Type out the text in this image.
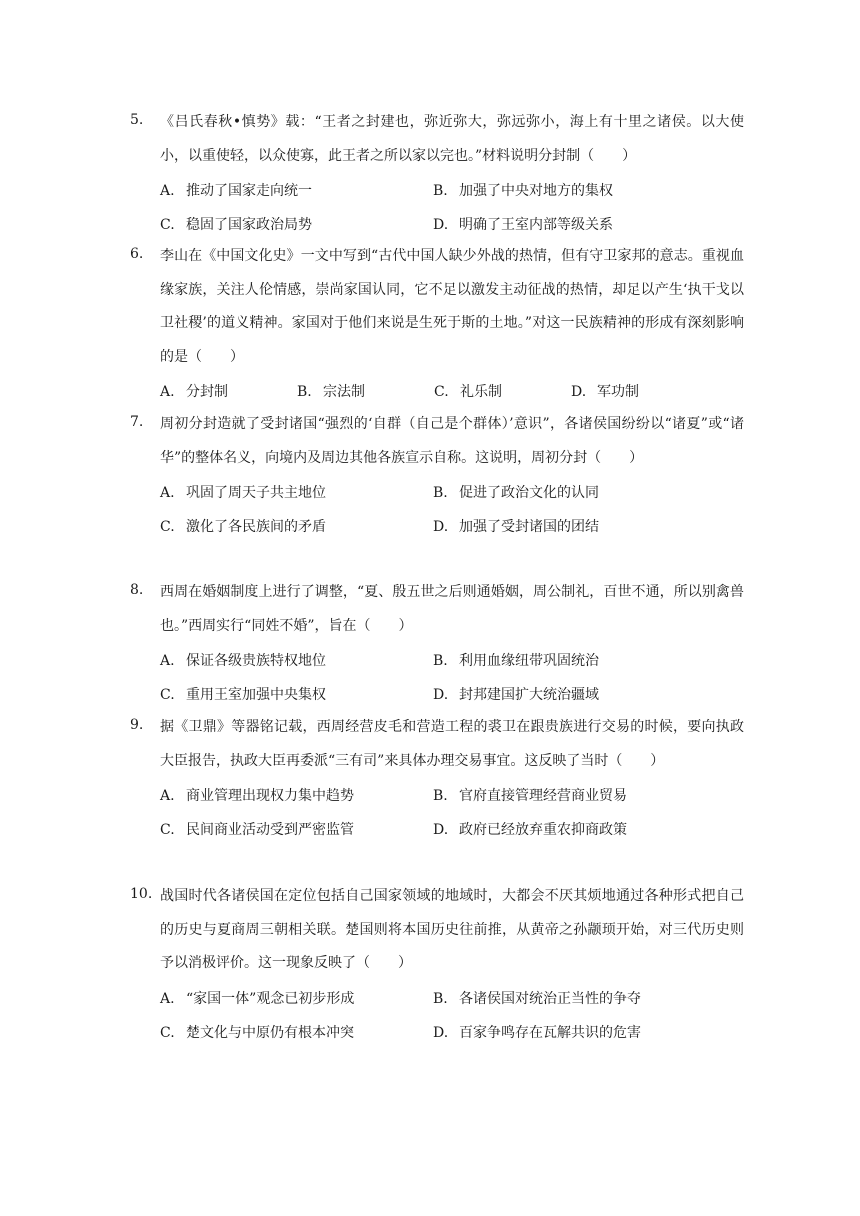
5. 《吕氏春秋•慎势》载：“王者之封建也，弥近弥大，弥远弥小，海上有十里之诸侯。以大使小，以重使轻，以众使寡，此王者之所以家以完也。”材料说明分封制（　　）
A. 推动了国家走向统一	B. 加强了中央对地方的集权
C. 稳固了国家政治局势	D. 明确了王室内部等级关系
6. 李山在《中国文化史》一文中写到“古代中国人缺少外战的热情，但有守卫家邦的意志。重视血缘家族，关注人伦情感，崇尚家国认同，它不足以激发主动征战的热情，却足以产生‘执干戈以卫社稷’的道义精神。家国对于他们来说是生死于斯的土地。”对这一民族精神的形成有深刻影响的是（　　）
A. 分封制	B. 宗法制	C. 礼乐制	D. 军功制
7. 周初分封造就了受封诸国“强烈的‘自群（自己是个群体）’意识”，各诸侯国纷纷以“诸夏”或“诸华”的整体名义，向境内及周边其他各族宣示自称。这说明，周初分封（　　）
A. 巩固了周天子共主地位	B. 促进了政治文化的认同
C. 激化了各民族间的矛盾	D. 加强了受封诸国的团结
8. 西周在婚姻制度上进行了调整，“夏、殷五世之后则通婚姻，周公制礼，百世不通，所以别禽兽也。”西周实行“同姓不婚”，旨在（　　）
A. 保证各级贵族特权地位	B. 利用血缘纽带巩固统治
C. 重用王室加强中央集权	D. 封邦建国扩大统治疆域
9. 据《卫鼎》等器铭记载，西周经营皮毛和营造工程的裘卫在跟贵族进行交易的时候，要向执政大臣报告，执政大臣再委派“三有司”来具体办理交易事宜。这反映了当时（　　）
A. 商业管理出现权力集中趋势	B. 官府直接管理经营商业贸易
C. 民间商业活动受到严密监管	D. 政府已经放弃重农抑商政策
10. 战国时代各诸侯国在定位包括自己国家领域的地域时，大都会不厌其烦地通过各种形式把自己的历史与夏商周三朝相关联。楚国则将本国历史往前推，从黄帝之孙颛顼开始，对三代历史则予以消极评价。这一现象反映了（　　）
A. “家国一体”观念已初步形成	B. 各诸侯国对统治正当性的争夺
C. 楚文化与中原仍有根本冲突	D. 百家争鸣存在瓦解共识的危害
